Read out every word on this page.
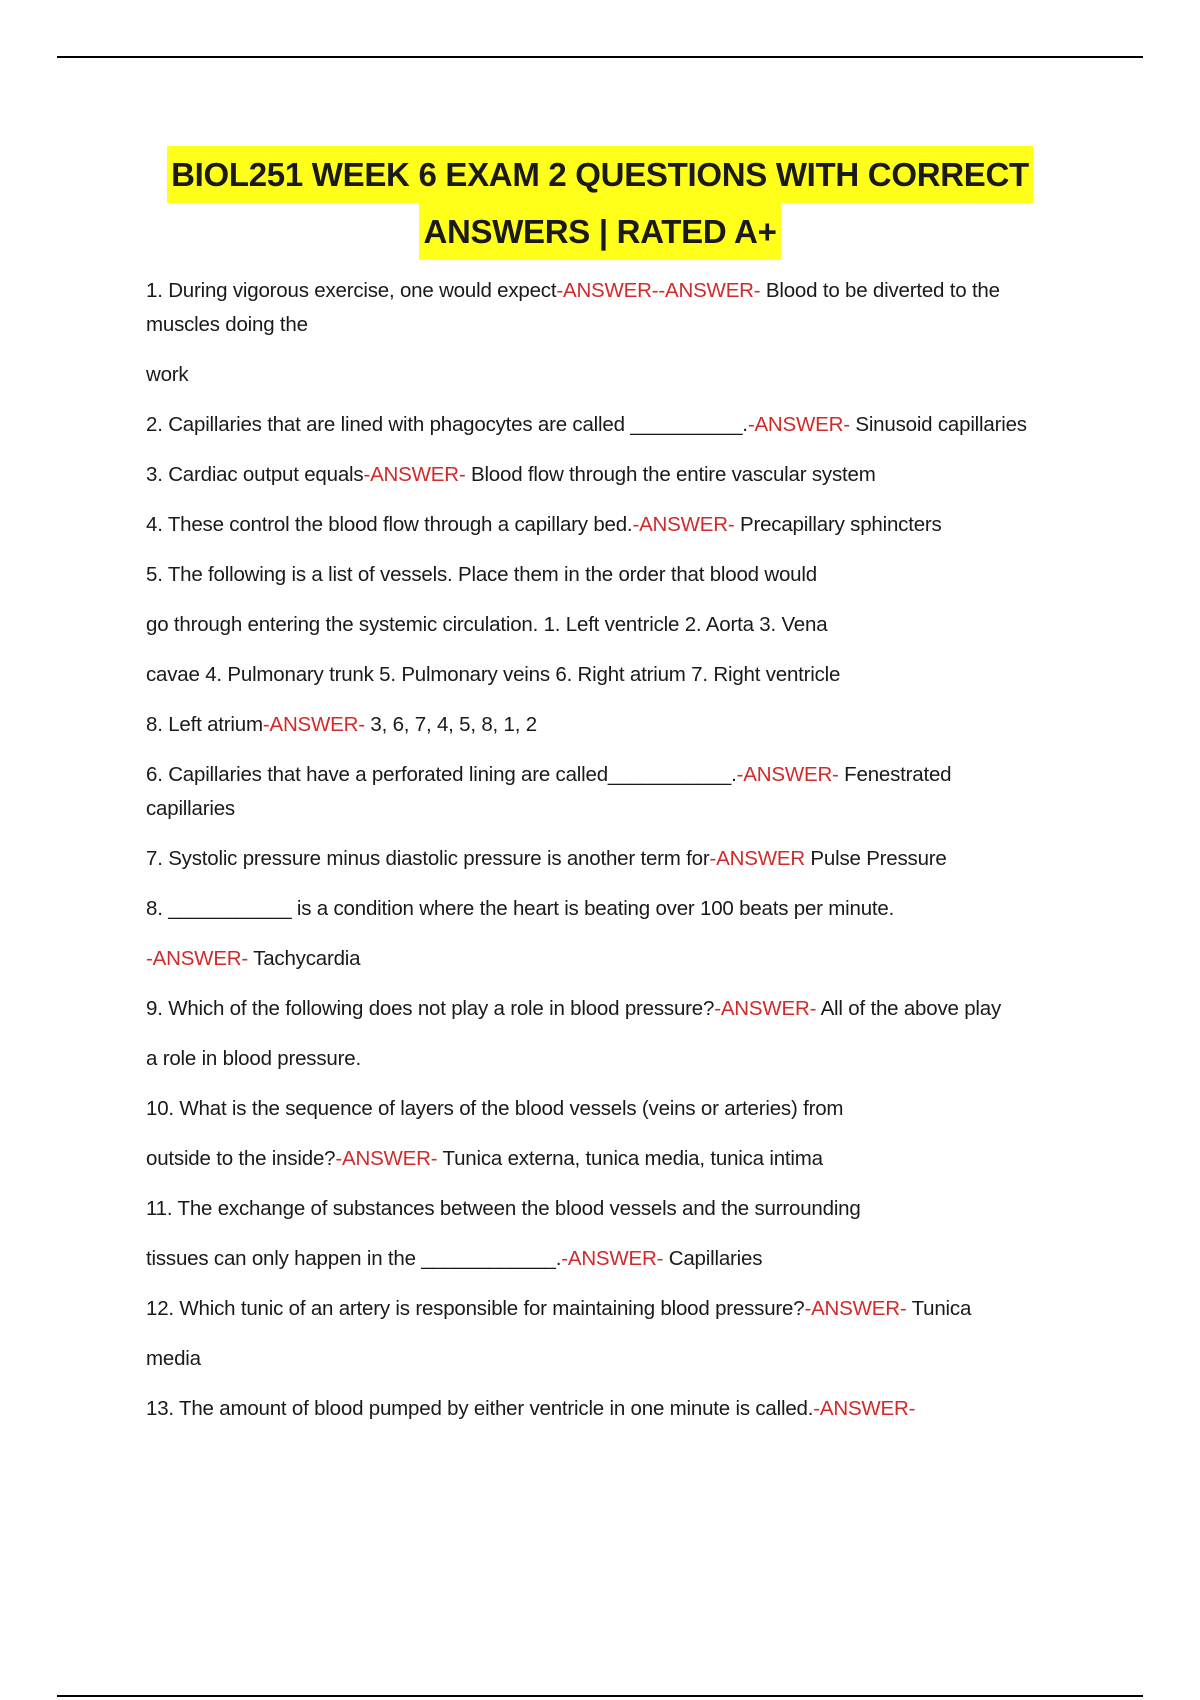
BIOL251 WEEK 6 EXAM 2 QUESTIONS WITH CORRECT
ANSWERS | RATED A+

1. During vigorous exercise, one would expect-ANSWER--ANSWER- Blood to be diverted to the

muscles doing the

work

2. Capillaries that are lined with phagocytes are called __________.-ANSWER- Sinusoid capillaries

3. Cardiac output equals-ANSWER- Blood flow through the entire vascular system

4. These control the blood flow through a capillary bed.-ANSWER- Precapillary sphincters

5. The following is a list of vessels. Place them in the order that blood would

go through entering the systemic circulation. 1. Left ventricle 2. Aorta 3. Vena

cavae 4. Pulmonary trunk 5. Pulmonary veins 6. Right atrium 7. Right ventricle

8. Left atrium-ANSWER- 3, 6, 7, 4, 5, 8, 1, 2

6. Capillaries that have a perforated lining are called___________.-ANSWER- Fenestrated

capillaries

7. Systolic pressure minus diastolic pressure is another term for-ANSWER Pulse Pressure

8. ___________ is a condition where the heart is beating over 100 beats per minute.

-ANSWER- Tachycardia

9. Which of the following does not play a role in blood pressure?-ANSWER- All of the above play

a role in blood pressure.

10. What is the sequence of layers of the blood vessels (veins or arteries) from

outside to the inside?-ANSWER- Tunica externa, tunica media, tunica intima

11. The exchange of substances between the blood vessels and the surrounding

tissues can only happen in the ____________.-ANSWER- Capillaries

12. Which tunic of an artery is responsible for maintaining blood pressure?-ANSWER- Tunica

media

13. The amount of blood pumped by either ventricle in one minute is called.-ANSWER-
